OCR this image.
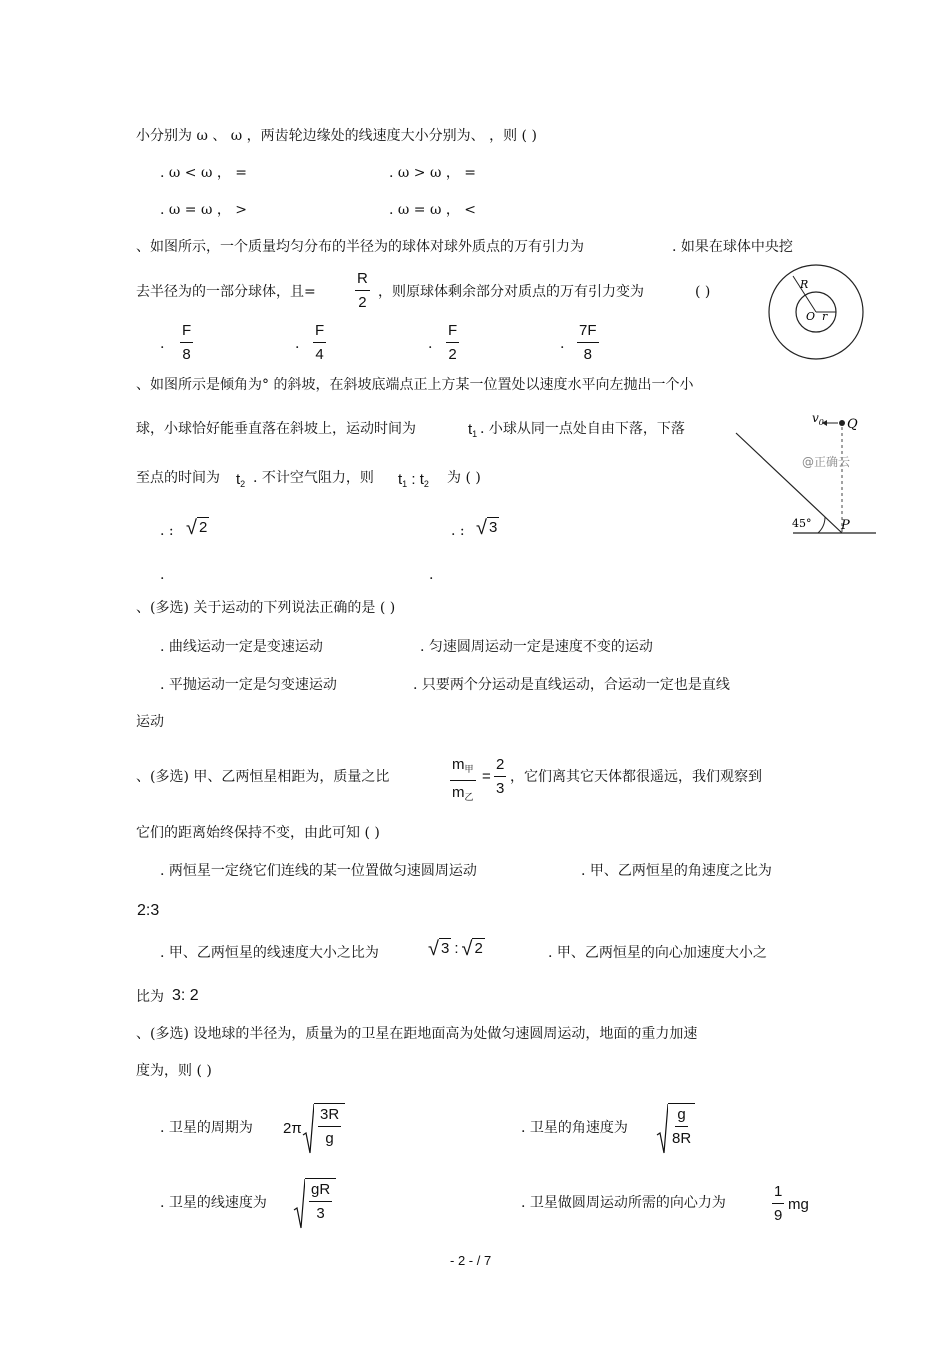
小分别为 ω 、 ω ，两齿轮边缘处的线速度大小分别为、 ，则 ( )
. ω < ω ， =	. ω > ω ， =
. ω = ω ， >	. ω = ω ， <
、如图所示，一个质量均匀分布的半径为的球体对球外质点的万有引力为	. 如果在球体中央挖
去半径为的一部分球体，且=	$\frac{R}{2}$ ，则原球体剩余部分对质点的万有引力变为	( )
. $\frac{F}{8}$	. $\frac{F}{4}$	. $\frac{F}{2}$	. $\frac{7F}{8}$
R
O r
、如图所示是倾角为° 的斜坡，在斜坡底端点正上方某一位置处以速度水平向左抛出一个小
球，小球恰好能垂直落在斜坡上，运动时间为	$t_1$ . 小球从同一点处自由下落，下落
至点的时间为 $t_2$ . 不计空气阻力，则 $t_1$ : $t_2$ 为 ( )
. : √ 2	. : √ 3
.	.
$v_0$ Q
@正确云
45° P
、(多选) 关于运动的下列说法正确的是 ( )
. 曲线运动一定是变速运动	. 匀速圆周运动一定是速度不变的运动
. 平抛运动一定是匀变速运动	. 只要两个分运动是直线运动，合运动一定也是直线
运动
、(多选) 甲、乙两恒星相距为，质量之比
$m_甲$
$m_乙$
= $\frac{2}{3}$ ，它们离其它天体都很遥远，我们观察到
它们的距离始终保持不变，由此可知 ( )
. 两恒星一定绕它们连线的某一位置做匀速圆周运动	. 甲、乙两恒星的角速度之比为
2:3
. 甲、乙两恒星的线速度大小之比为 √ 3 : √ 2	. 甲、乙两恒星的向心加速度大小之
比为 3: 2
、(多选) 设地球的半径为，质量为的卫星在距地面高为处做匀速圆周运动，地面的重力加速
度为，则 ( )
. 卫星的周期为 $2\pi \frac{3R}{g}$	. 卫星的角速度为	$\frac{g}{8R}$
. 卫星的线速度为	$\frac{gR}{3}$	. 卫星做圆周运动所需的向心力为	$\frac{1}{9}$ mg
- 2 - / 7
